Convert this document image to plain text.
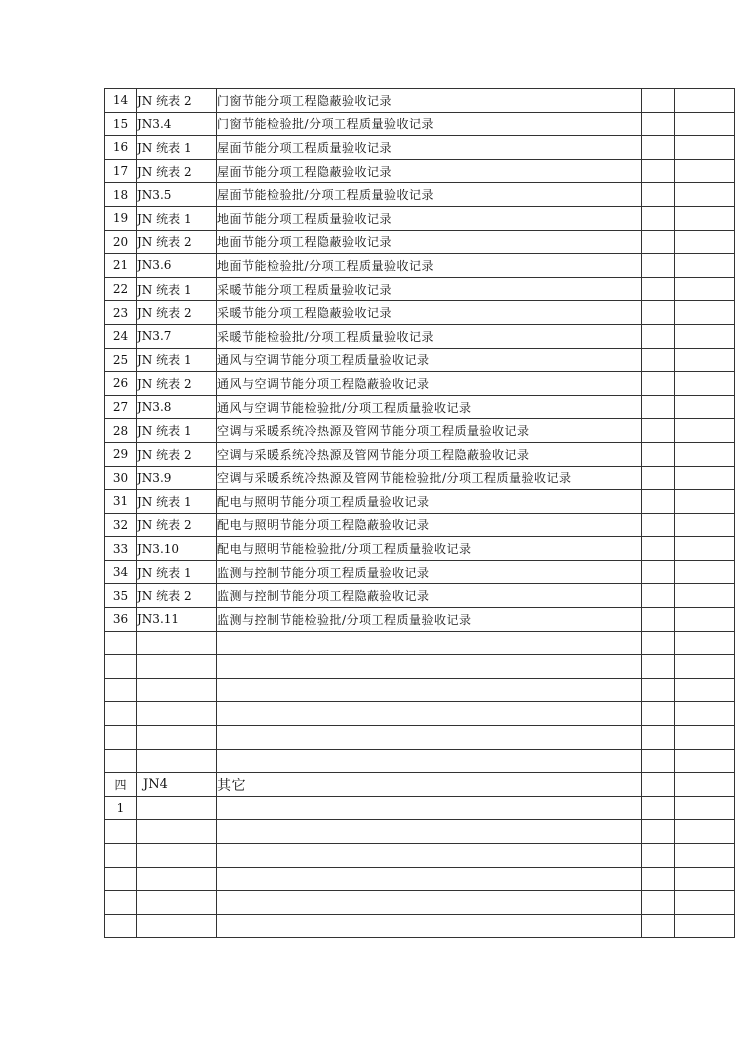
14	JN 统表 2	门窗节能分项工程隐蔽验收记录		
15	JN3.4	门窗节能检验批/分项工程质量验收记录		
16	JN 统表 1	屋面节能分项工程质量验收记录		
17	JN 统表 2	屋面节能分项工程隐蔽验收记录		
18	JN3.5	屋面节能检验批/分项工程质量验收记录		
19	JN 统表 1	地面节能分项工程质量验收记录		
20	JN 统表 2	地面节能分项工程隐蔽验收记录		
21	JN3.6	地面节能检验批/分项工程质量验收记录		
22	JN 统表 1	采暖节能分项工程质量验收记录		
23	JN 统表 2	采暖节能分项工程隐蔽验收记录		
24	JN3.7	采暖节能检验批/分项工程质量验收记录		
25	JN 统表 1	通风与空调节能分项工程质量验收记录		
26	JN 统表 2	通风与空调节能分项工程隐蔽验收记录		
27	JN3.8	通风与空调节能检验批/分项工程质量验收记录		
28	JN 统表 1	空调与采暖系统冷热源及管网节能分项工程质量验收记录		
29	JN 统表 2	空调与采暖系统冷热源及管网节能分项工程隐蔽验收记录		
30	JN3.9	空调与采暖系统冷热源及管网节能检验批/分项工程质量验收记录		
31	JN 统表 1	配电与照明节能分项工程质量验收记录		
32	JN 统表 2	配电与照明节能分项工程隐蔽验收记录		
33	JN3.10	配电与照明节能检验批/分项工程质量验收记录		
34	JN 统表 1	监测与控制节能分项工程质量验收记录		
35	JN 统表 2	监测与控制节能分项工程隐蔽验收记录		
36	JN3.11	监测与控制节能检验批/分项工程质量验收记录		

四	JN4	其它		
1				
